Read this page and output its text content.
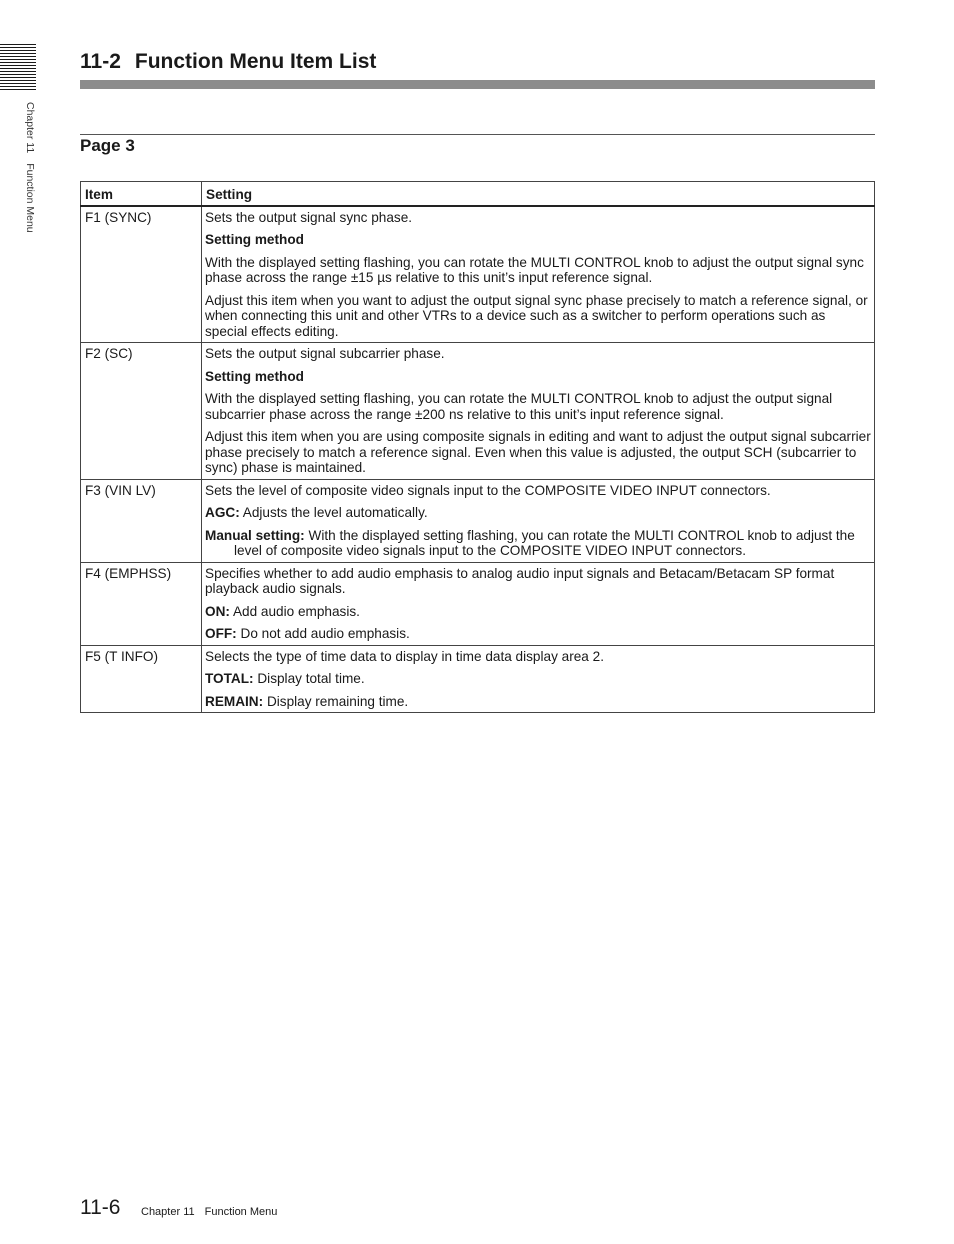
Chapter 11Function Menu
11-2 Function Menu Item List
Page 3
Item	Setting
F1 (SYNC)	Sets the output signal sync phase.

Setting method

With the displayed setting flashing, you can rotate the MULTI CONTROL knob to adjust the output signal sync phase across the range ±15 µs relative to this unit’s input reference signal.

Adjust this item when you want to adjust the output signal sync phase precisely to match a reference signal, or when connecting this unit and other VTRs to a device such as a switcher to perform operations such as special effects editing.

F2 (SC)	Sets the output signal subcarrier phase.

Setting method

With the displayed setting flashing, you can rotate the MULTI CONTROL knob to adjust the output signal subcarrier phase across the range ±200 ns relative to this unit’s input reference signal.

Adjust this item when you are using composite signals in editing and want to adjust the output signal subcarrier phase precisely to match a reference signal. Even when this value is adjusted, the output SCH (subcarrier to sync) phase is maintained.

F3 (VIN LV)	Sets the level of composite video signals input to the COMPOSITE VIDEO INPUT connectors.

AGC: Adjusts the level automatically.

Manual setting: With the displayed setting flashing, you can rotate the MULTI CONTROL knob to adjust the level of composite video signals input to the COMPOSITE VIDEO INPUT connectors.

F4 (EMPHSS)	Specifies whether to add audio emphasis to analog audio input signals and Betacam/Betacam SP format playback audio signals.

ON: Add audio emphasis.

OFF: Do not add audio emphasis.

F5 (T INFO)	Selects the type of time data to display in time data display area 2.

TOTAL: Display total time.

REMAIN: Display remaining time.

11-6 Chapter 11 Function Menu
